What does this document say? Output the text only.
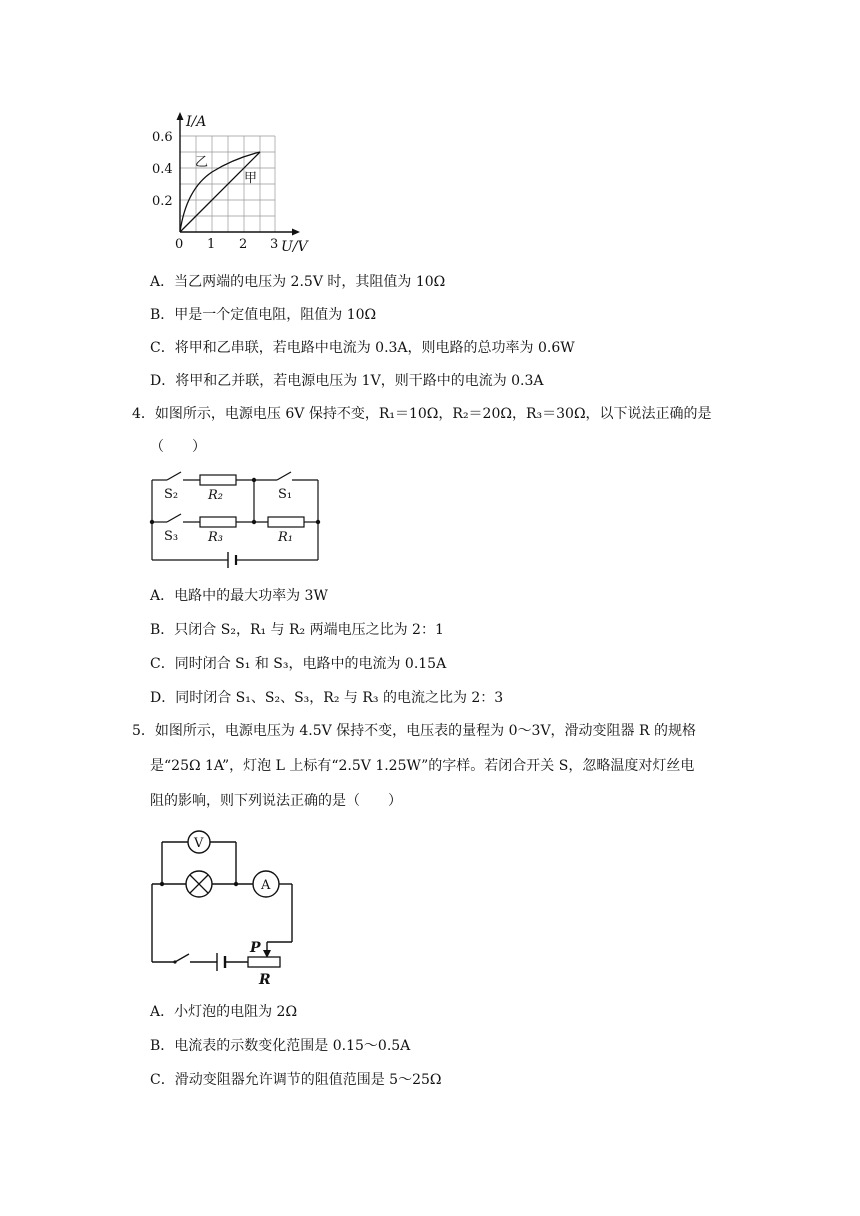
I/A
0.6
0.4
0.2
0 1 2 3 U/V
乙
甲
A．当乙两端的电压为 2.5V 时，其阻值为 10Ω
B．甲是一个定值电阻，阻值为 10Ω
C．将甲和乙串联，若电路中电流为 0.3A，则电路的总功率为 0.6W
D．将甲和乙并联，若电源电压为 1V，则干路中的电流为 0.3A
4．如图所示，电源电压 6V 保持不变，R₁＝10Ω，R₂＝20Ω，R₃＝30Ω，以下说法正确的是
（　　）
S₂ R₂	S₁
S₃ R₃	R₁
A．电路中的最大功率为 3W
B．只闭合 S₂，R₁ 与 R₂ 两端电压之比为 2：1
C．同时闭合 S₁ 和 S₃，电路中的电流为 0.15A
D．同时闭合 S₁、S₂、S₃，R₂ 与 R₃ 的电流之比为 2：3
5．如图所示，电源电压为 4.5V 保持不变，电压表的量程为 0～3V，滑动变阻器 R 的规格
是“25Ω 1A”，灯泡 L 上标有“2.5V 1.25W”的字样。若闭合开关 S，忽略温度对灯丝电
阻的影响，则下列说法正确的是（　　）
V
A
P
R
A．小灯泡的电阻为 2Ω
B．电流表的示数变化范围是 0.15～0.5A
C．滑动变阻器允许调节的阻值范围是 5～25Ω
